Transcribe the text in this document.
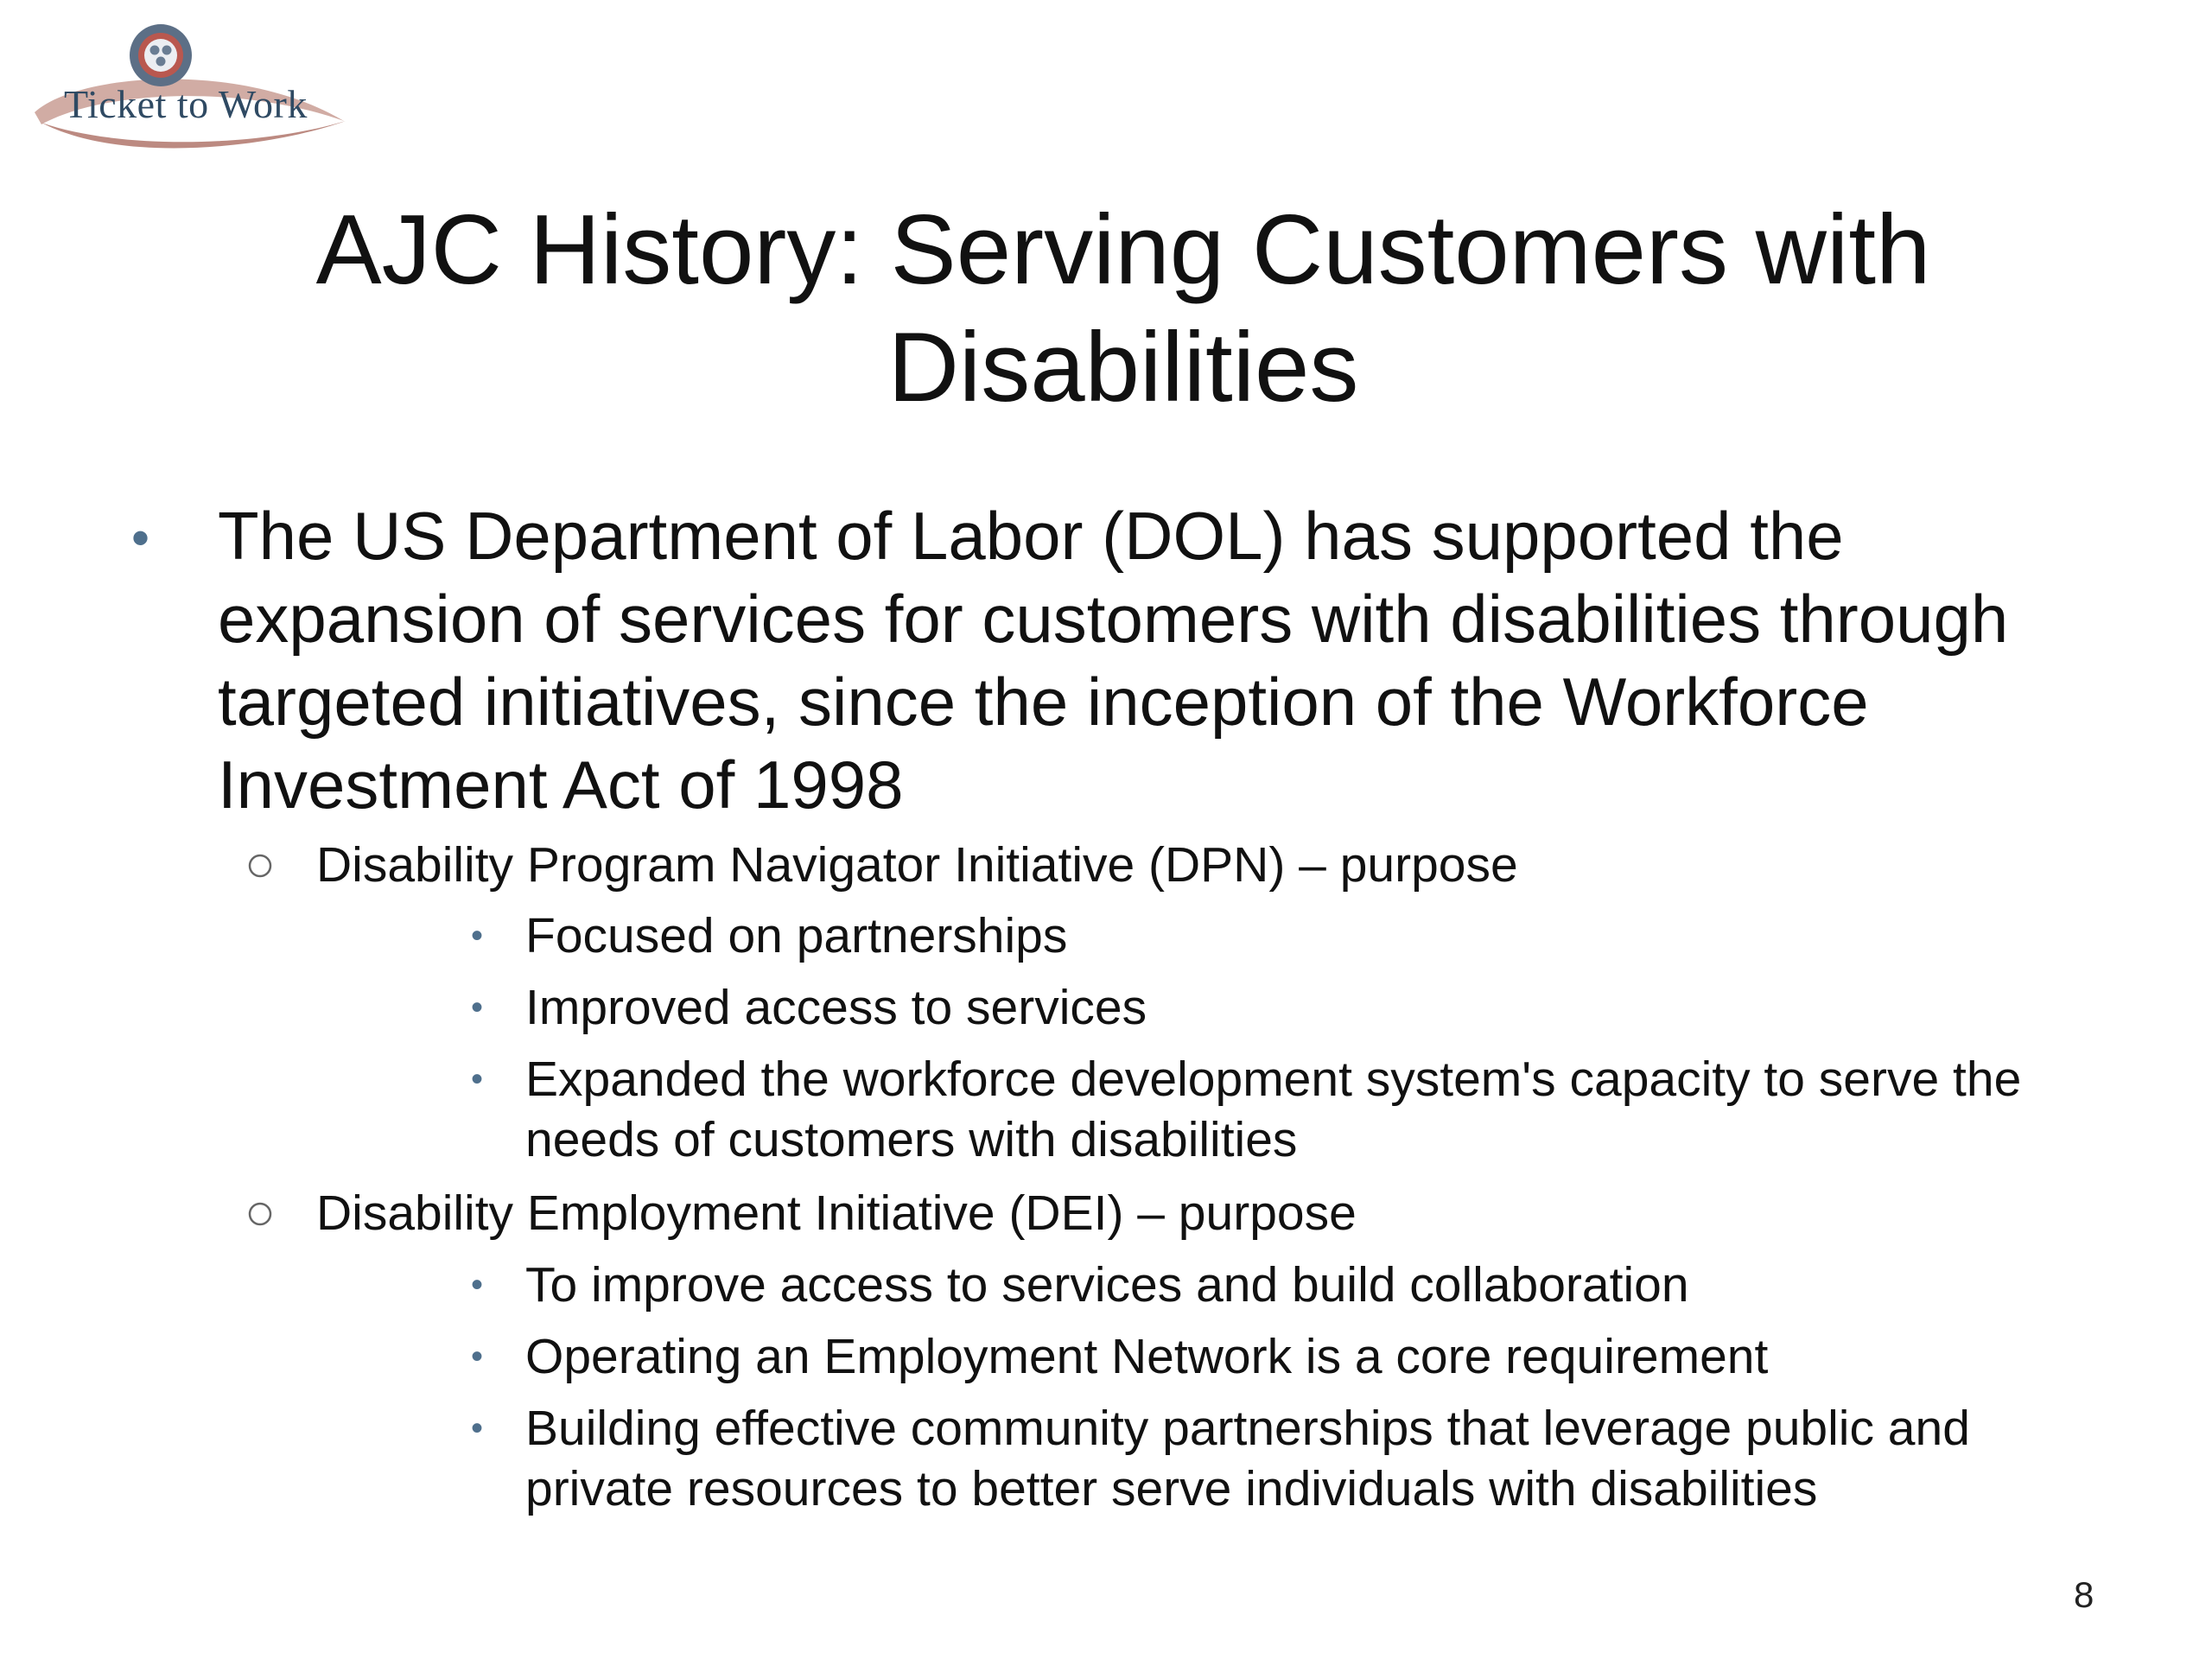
Ticket to Work
AJC History: Serving Customers with Disabilities
• The US Department of Labor (DOL) has supported the expansion of services for customers with disabilities through targeted initiatives, since the inception of the Workforce Investment Act of 1998
Disability Program Navigator Initiative (DPN) – purpose
• Focused on partnerships
• Improved access to services
• Expanded the workforce development system's capacity to serve the needs of customers with disabilities
Disability Employment Initiative (DEI) – purpose
• To improve access to services and build collaboration
• Operating an Employment Network is a core requirement
• Building effective community partnerships that leverage public and private resources to better serve individuals with disabilities
8
